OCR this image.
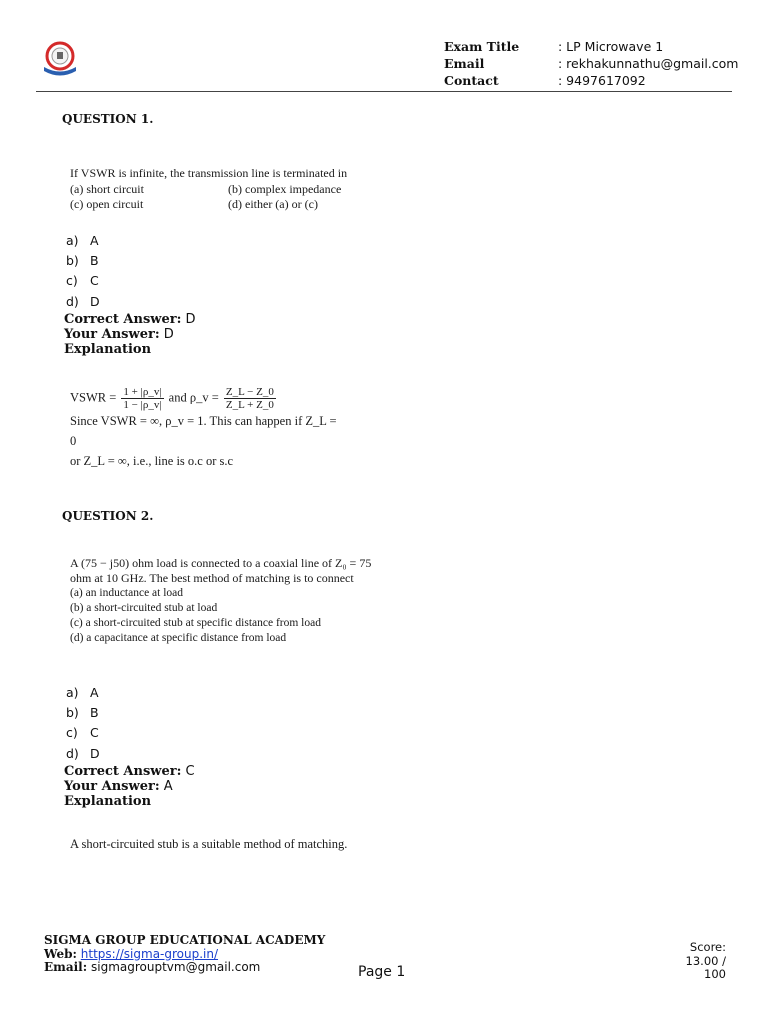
Exam Title	: LP Microwave 1
Email	: rekhakunnathu@gmail.com
Contact	: 9497617092
QUESTION 1.
If VSWR is infinite, the transmission line is terminated in
(a) short circuit	(b) complex impedance
(c) open circuit	(d) either (a) or (c)
a) A
b) B
c) C
d) D
Correct Answer: D
Your Answer: D
Explanation
VSWR = $\frac{1 + |\rho\_v|}{1 - |\rho\_v|}$ and ρ_v = $\frac{Z\_L - Z\_0}{Z\_L + Z\_0}$
Since VSWR = ∞, ρ_v = 1. This can happen if Z_L = 0
or Z_L = ∞, i.e., line is o.c or s.c
QUESTION 2.
A (75 − j50) ohm load is connected to a coaxial line of Z₀ = 75 ohm at 10 GHz. The best method of matching is to connect
(a) an inductance at load
(b) a short-circuited stub at load
(c) a short-circuited stub at specific distance from load
(d) a capacitance at specific distance from load
a) A
b) B
c) C
d) D
Correct Answer: C
Your Answer: A
Explanation
A short-circuited stub is a suitable method of matching.
SIGMA GROUP EDUCATIONAL ACADEMY
Web: https://sigma-group.in/
Email: sigmagrouptvm@gmail.com	Page 1
Score:
13.00 /
100
